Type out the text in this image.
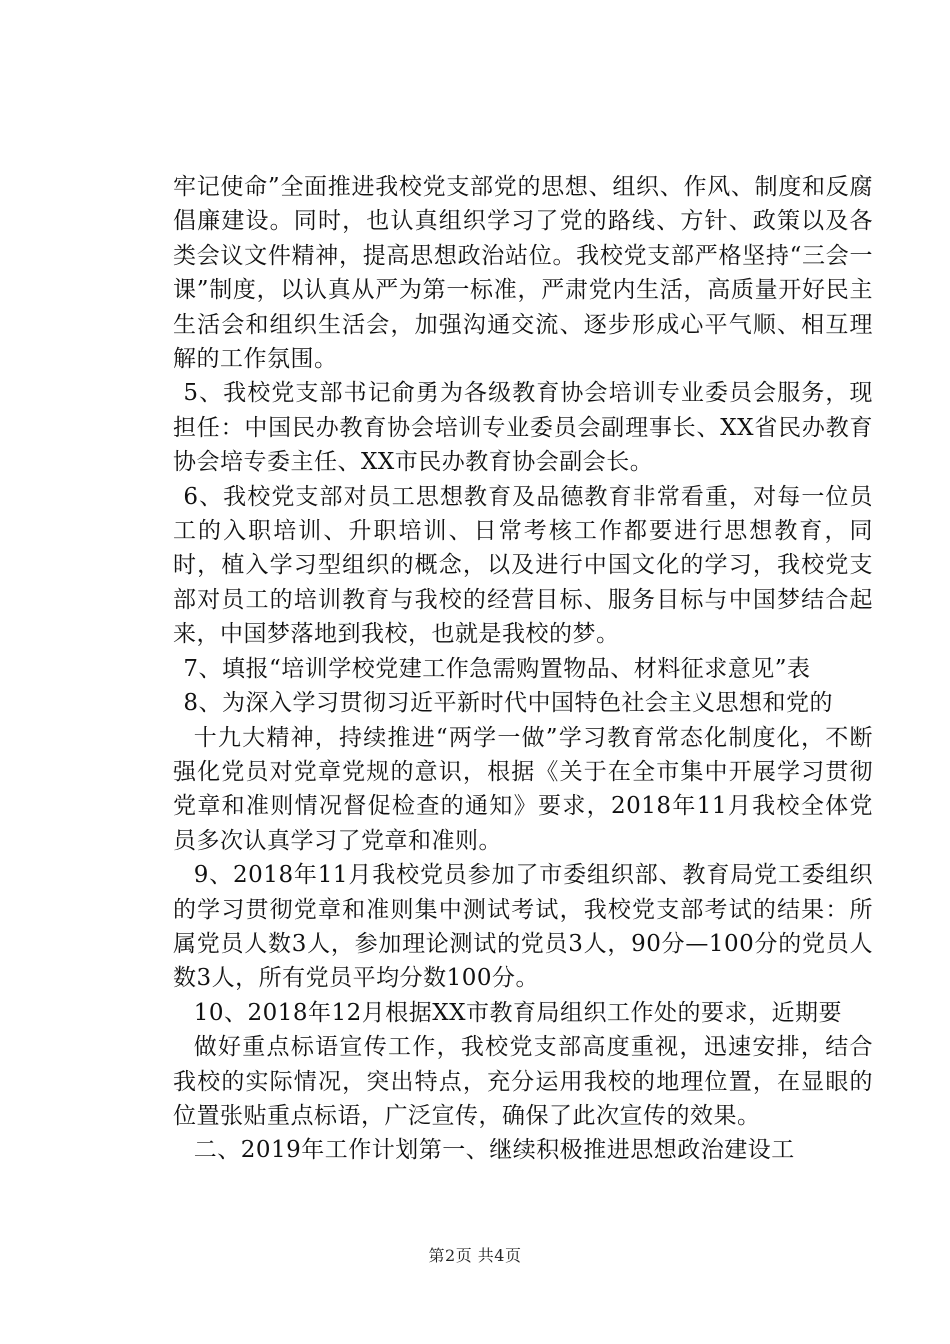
牢记使命”全面推进我校党支部党的思想、组织、作风、制度和反腐倡廉建设。同时，也认真组织学习了党的路线、方针、政策以及各类会议文件精神，提高思想政治站位。我校党支部严格坚持“三会一课”制度，以认真从严为第一标准，严肃党内生活，高质量开好民主生活会和组织生活会，加强沟通交流、逐步形成心平气顺、相互理解的工作氛围。

5、我校党支部书记俞勇为各级教育协会培训专业委员会服务，现担任：中国民办教育协会培训专业委员会副理事长、XX省民办教育协会培专委主任、XX市民办教育协会副会长。

6、我校党支部对员工思想教育及品德教育非常看重，对每一位员工的入职培训、升职培训、日常考核工作都要进行思想教育，同时，植入学习型组织的概念，以及进行中国文化的学习，我校党支部对员工的培训教育与我校的经营目标、服务目标与中国梦结合起来，中国梦落地到我校，也就是我校的梦。

7、填报“培训学校党建工作急需购置物品、材料征求意见”表

8、为深入学习贯彻习近平新时代中国特色社会主义思想和党的

十九大精神，持续推进“两学一做”学习教育常态化制度化，不断强化党员对党章党规的意识，根据《关于在全市集中开展学习贯彻党章和准则情况督促检查的通知》要求，2018年11月我校全体党员多次认真学习了党章和准则。

9、2018年11月我校党员参加了市委组织部、教育局党工委组织的学习贯彻党章和准则集中测试考试，我校党支部考试的结果：所属党员人数3人，参加理论测试的党员3人，90分—100分的党员人数3人，所有党员平均分数100分。

10、2018年12月根据XX市教育局组织工作处的要求，近期要

做好重点标语宣传工作，我校党支部高度重视，迅速安排，结合我校的实际情况，突出特点，充分运用我校的地理位置，在显眼的位置张贴重点标语，广泛宣传，确保了此次宣传的效果。

二、2019年工作计划第一、继续积极推进思想政治建设工

第2页 共4页
